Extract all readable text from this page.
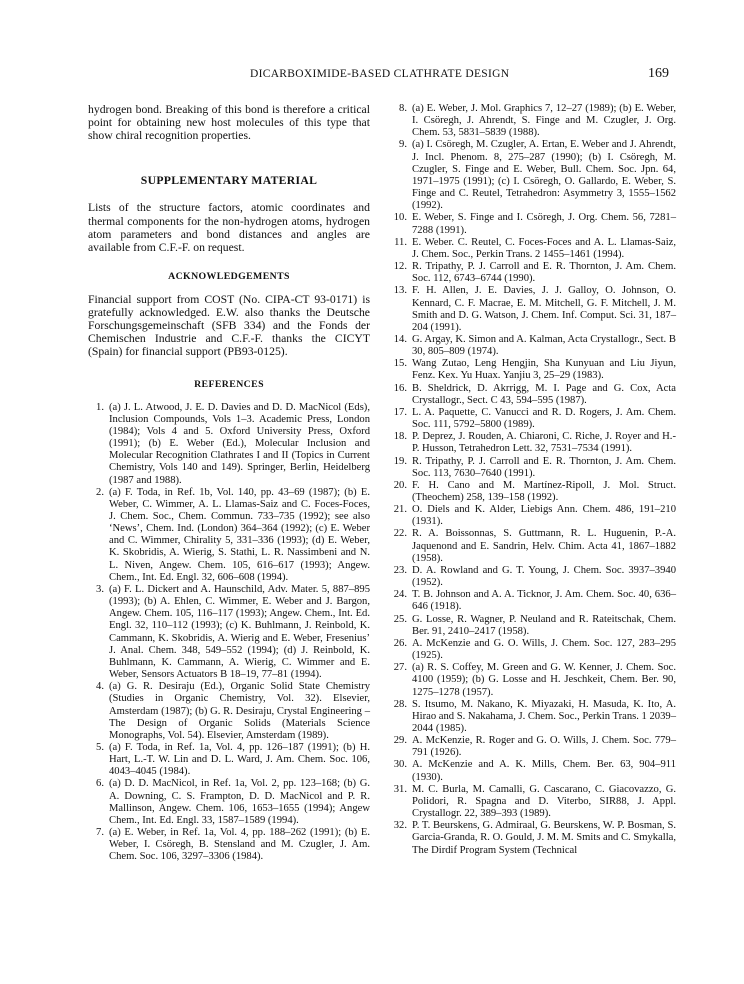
DICARBOXIMIDE-BASED CLATHRATE DESIGN	169

hydrogen bond. Breaking of this bond is therefore a critical point for obtaining new host molecules of this type that show chiral recognition properties.

SUPPLEMENTARY MATERIAL

Lists of the structure factors, atomic coordinates and thermal components for the non-hydrogen atoms, hydrogen atom parameters and bond distances and angles are available from C.F.-F. on request.

ACKNOWLEDGEMENTS

Financial support from COST (No. CIPA-CT 93-0171) is gratefully acknowledged. E.W. also thanks the Deutsche Forschungsgemeinschaft (SFB 334) and the Fonds der Chemischen Industrie and C.F.-F. thanks the CICYT (Spain) for financial support (PB93-0125).

REFERENCES
1. (a) J. L. Atwood, J. E. D. Davies and D. D. MacNicol (Eds), Inclusion Compounds, Vols 1–3. Academic Press, London (1984); Vols 4 and 5. Oxford University Press, Oxford (1991); (b) E. Weber (Ed.), Molecular Inclusion and Molecular Recognition Clathrates I and II (Topics in Current Chemistry, Vols 140 and 149). Springer, Berlin, Heidelberg (1987 and 1988).
2. (a) F. Toda, in Ref. 1b, Vol. 140, pp. 43–69 (1987); (b) E. Weber, C. Wimmer, A. L. Llamas-Saiz and C. Foces-Foces, J. Chem. Soc., Chem. Commun. 733–735 (1992); see also ‘News’, Chem. Ind. (London) 364–364 (1992); (c) E. Weber and C. Wimmer, Chirality 5, 331–336 (1993); (d) E. Weber, K. Skobridis, A. Wierig, S. Stathi, L. R. Nassimbeni and N. L. Niven, Angew. Chem. 105, 616–617 (1993); Angew. Chem., Int. Ed. Engl. 32, 606–608 (1994).
3. (a) F. L. Dickert and A. Haunschild, Adv. Mater. 5, 887–895 (1993); (b) A. Ehlen, C. Wimmer, E. Weber and J. Bargon, Angew. Chem. 105, 116–117 (1993); Angew. Chem., Int. Ed. Engl. 32, 110–112 (1993); (c) K. Buhlmann, J. Reinbold, K. Cammann, K. Skobridis, A. Wierig and E. Weber, Fresenius’ J. Anal. Chem. 348, 549–552 (1994); (d) J. Reinbold, K. Buhlmann, K. Cammann, A. Wierig, C. Wimmer and E. Weber, Sensors Actuators B 18–19, 77–81 (1994).
4. (a) G. R. Desiraju (Ed.), Organic Solid State Chemistry (Studies in Organic Chemistry, Vol. 32). Elsevier, Amsterdam (1987); (b) G. R. Desiraju, Crystal Engineering – The Design of Organic Solids (Materials Science Monographs, Vol. 54). Elsevier, Amsterdam (1989).
5. (a) F. Toda, in Ref. 1a, Vol. 4, pp. 126–187 (1991); (b) H. Hart, L.-T. W. Lin and D. L. Ward, J. Am. Chem. Soc. 106, 4043–4045 (1984).
6. (a) D. D. MacNicol, in Ref. 1a, Vol. 2, pp. 123–168; (b) G. A. Downing, C. S. Frampton, D. D. MacNicol and P. R. Mallinson, Angew. Chem. 106, 1653–1655 (1994); Angew Chem., Int. Ed. Engl. 33, 1587–1589 (1994).
7. (a) E. Weber, in Ref. 1a, Vol. 4, pp. 188–262 (1991); (b) E. Weber, I. Csöregh, B. Stensland and M. Czugler, J. Am. Chem. Soc. 106, 3297–3306 (1984).
8. (a) E. Weber, J. Mol. Graphics 7, 12–27 (1989); (b) E. Weber, I. Csöregh, J. Ahrendt, S. Finge and M. Czugler, J. Org. Chem. 53, 5831–5839 (1988).
9. (a) I. Csöregh, M. Czugler, A. Ertan, E. Weber and J. Ahrendt, J. Incl. Phenom. 8, 275–287 (1990); (b) I. Csöregh, M. Czugler, S. Finge and E. Weber, Bull. Chem. Soc. Jpn. 64, 1971–1975 (1991); (c) I. Csöregh, O. Gallardo, E. Weber, S. Finge and C. Reutel, Tetrahedron: Asymmetry 3, 1555–1562 (1992).
10. E. Weber, S. Finge and I. Csöregh, J. Org. Chem. 56, 7281–7288 (1991).
11. E. Weber. C. Reutel, C. Foces-Foces and A. L. Llamas-Saiz, J. Chem. Soc., Perkin Trans. 2 1455–1461 (1994).
12. R. Tripathy, P. J. Carroll and E. R. Thornton, J. Am. Chem. Soc. 112, 6743–6744 (1990).
13. F. H. Allen, J. E. Davies, J. J. Galloy, O. Johnson, O. Kennard, C. F. Macrae, E. M. Mitchell, G. F. Mitchell, J. M. Smith and D. G. Watson, J. Chem. Inf. Comput. Sci. 31, 187–204 (1991).
14. G. Argay, K. Simon and A. Kalman, Acta Crystallogr., Sect. B 30, 805–809 (1974).
15. Wang Zutao, Leng Hengjin, Sha Kunyuan and Liu Jiyun, Fenz. Kex. Yu Huax. Yanjiu 3, 25–29 (1983).
16. B. Sheldrick, D. Akrrigg, M. I. Page and G. Cox, Acta Crystallogr., Sect. C 43, 594–595 (1987).
17. L. A. Paquette, C. Vanucci and R. D. Rogers, J. Am. Chem. Soc. 111, 5792–5800 (1989).
18. P. Deprez, J. Rouden, A. Chiaroni, C. Riche, J. Royer and H.-P. Husson, Tetrahedron Lett. 32, 7531–7534 (1991).
19. R. Tripathy, P. J. Carroll and E. R. Thornton, J. Am. Chem. Soc. 113, 7630–7640 (1991).
20. F. H. Cano and M. Martínez-Ripoll, J. Mol. Struct. (Theochem) 258, 139–158 (1992).
21. O. Diels and K. Alder, Liebigs Ann. Chem. 486, 191–210 (1931).
22. R. A. Boissonnas, S. Guttmann, R. L. Huguenin, P.-A. Jaquenond and E. Sandrin, Helv. Chim. Acta 41, 1867–1882 (1958).
23. D. A. Rowland and G. T. Young, J. Chem. Soc. 3937–3940 (1952).
24. T. B. Johnson and A. A. Ticknor, J. Am. Chem. Soc. 40, 636–646 (1918).
25. G. Losse, R. Wagner, P. Neuland and R. Rateitschak, Chem. Ber. 91, 2410–2417 (1958).
26. A. McKenzie and G. O. Wills, J. Chem. Soc. 127, 283–295 (1925).
27. (a) R. S. Coffey, M. Green and G. W. Kenner, J. Chem. Soc. 4100 (1959); (b) G. Losse and H. Jeschkeit, Chem. Ber. 90, 1275–1278 (1957).
28. S. Itsumo, M. Nakano, K. Miyazaki, H. Masuda, K. Ito, A. Hirao and S. Nakahama, J. Chem. Soc., Perkin Trans. 1 2039–2044 (1985).
29. A. McKenzie, R. Roger and G. O. Wills, J. Chem. Soc. 779–791 (1926).
30. A. McKenzie and A. K. Mills, Chem. Ber. 63, 904–911 (1930).
31. M. C. Burla, M. Camalli, G. Cascarano, C. Giacovazzo, G. Polidori, R. Spagna and D. Viterbo, SIR88, J. Appl. Crystallogr. 22, 389–393 (1989).
32. P. T. Beurskens, G. Admiraal, G. Beurskens, W. P. Bosman, S. Garcia-Granda, R. O. Gould, J. M. M. Smits and C. Smykalla, The Dirdif Program System (Technical
